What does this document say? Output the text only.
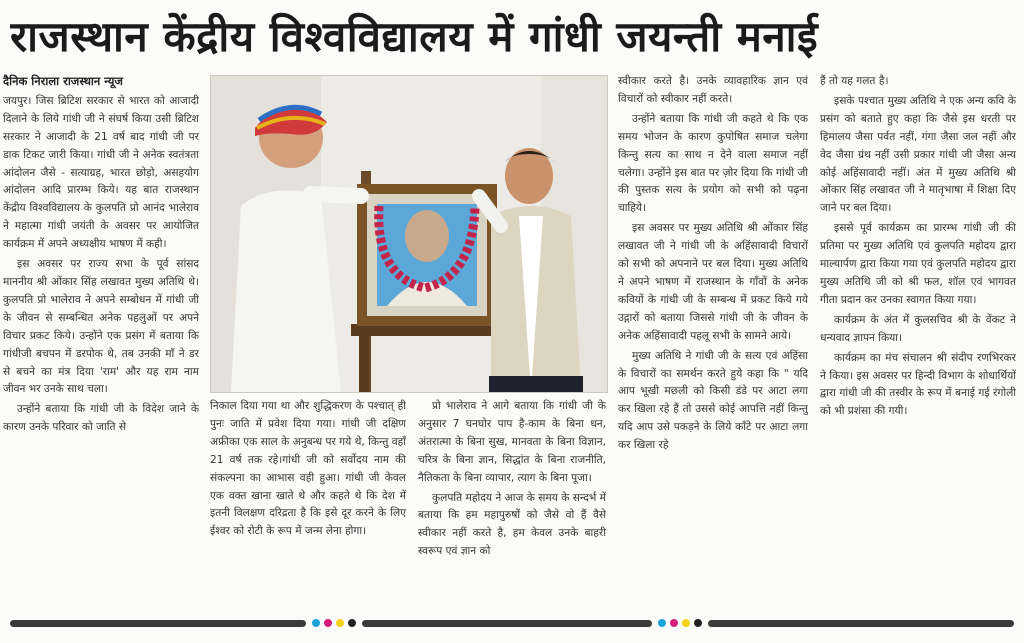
राजस्थान केंद्रीय विश्वविद्यालय में गांधी जयन्ती मनाई

दैनिक निराला राजस्थान न्यूज

जयपुर। जिस ब्रिटिश सरकार से भारत को आजादी दिलाने के लिये गांधी जी ने संघर्ष किया उसी ब्रिटिश सरकार ने आजादी के 21 वर्ष बाद गांधी जी पर डाक टिकट जारी किया। गांधी जी ने अनेक स्वतंत्रता आंदोलन जैसे - सत्याग्रह, भारत छोड़ो, असहयोग आंदोलन आदि प्रारम्भ किये। यह बात राजस्थान केंद्रीय विश्वविद्यालय के कुलपति प्रो आनंद भालेराव ने महात्मा गांधी जयंती के अवसर पर आयोजित कार्यक्रम में अपने अध्यक्षीय भाषण में कही।

इस अवसर पर राज्य सभा के पूर्व सांसद माननीय श्री ओंकार सिंह लखावत मुख्य अतिथि थे। कुलपति प्रो भालेराव ने अपने सम्बोधन में गांधी जी के जीवन से सम्बन्धित अनेक पहलुओं पर अपने विचार प्रकट किये। उन्होंने एक प्रसंग में बताया कि गांधीजी बचपन में डरपोक थे, तब उनकी माँ ने डर से बचने का मंत्र दिया 'राम' और यह राम नाम जीवन भर उनके साथ चला।

उन्होंने बताया कि गांधी जी के विदेश जाने के कारण उनके परिवार को जाति से

निकाल दिया गया था और शुद्धिकरण के पश्चात् ही पुनः जाति में प्रवेश दिया गया। गांधी जी दक्षिण अफ्रीका एक साल के अनुबन्ध पर गये थे, किन्तु वहाँ 21 वर्ष तक रहे।गांधी जी को सर्वोदय नाम की संकल्पना का आभास वही हुआ। गांधी जी केवल एक वक्त खाना खाते थे और कहते थे कि देश में इतनी विलक्षण दरिद्रता है कि इसे दूर करने के लिए ईश्वर को रोटी के रूप में जन्म लेना होगा।

प्रो भालेराव ने आगे बताया कि गांधी जी के अनुसार 7 घनघोर पाप है-काम के बिना धन, अंतरात्मा के बिना सुख, मानवता के बिना विज्ञान, चरित्र के बिना ज्ञान, सिद्धांत के बिना राजनीति, नैतिकता के बिना व्यापार, त्याग के बिना पूजा।

कुलपति महोदय ने आज के समय के सन्दर्भ में बताया कि हम महापुरुषों को जैसे वो हैं वैसे स्वीकार नहीं करते है, हम केवल उनके बाहरी स्वरूप एवं ज्ञान को

स्वीकार करते है। उनके व्यावहारिक ज्ञान एवं विचारों को स्वीकार नहीं करते।

उन्होंने बताया कि गांधी जी कहते थे कि एक समय भोजन के कारण कुपोषित समाज चलेगा किन्तु सत्य का साथ न देने वाला समाज नहीं चलेगा। उन्होंने इस बात पर ज़ोर दिया कि गांधी जी की पुस्तक सत्य के प्रयोग को सभी को पढ़ना चाहिये।

इस अवसर पर मुख्य अतिथि श्री ओंकार सिंह लखावत जी ने गांधी जी के अहिंसावादी विचारों को सभी को अपनाने पर बल दिया। मुख्य अतिथि ने अपने भाषण में राजस्थान के गाँवों के अनेक कवियों के गांधी जी के सम्बन्ध में प्रकट किये गये उद्गारों को बताया जिससे गांधी जी के जीवन के अनेक अहिंसावादी पहलू सभी के सामने आये।

मुख्य अतिथि ने गांधी जी के सत्य एवं अहिंसा के विचारों का समर्थन करते हुये कहा कि " यदि आप भूखी मछली को किसी डंडे पर आटा लगा कर खिला रहे हैं तो उससे कोई आपत्ति नहीं किन्तु यदि आप उसे पकड़ने के लिये काँटे पर आटा लगा कर खिला रहे

हैं तो यह गलत है।

इसके पश्चात मुख्य अतिथि ने एक अन्य कवि के प्रसंग को बताते हुए कहा कि जैसे इस धरती पर हिमालय जैसा पर्वत नहीं, गंगा जैसा जल नहीं और वेद जैसा ग्रंथ नहीं उसी प्रकार गांधी जी जैसा अन्य कोई अहिंसावादी नहीं। अंत में मुख्य अतिथि श्री ओंकार सिंह लखावत जी ने मातृभाषा में शिक्षा दिए जाने पर बल दिया।

इससे पूर्व कार्यक्रम का प्रारम्भ गांधी जी की प्रतिमा पर मुख्य अतिथि एवं कुलपति महोदय द्वारा माल्यार्पण द्वारा किया गया एवं कुलपति महोदय द्वारा मुख्य अतिथि जी को श्री फल, शॉल एवं भागवत गीता प्रदान कर उनका स्वागत किया गया।

कार्यक्रम के अंत में कुलसचिव श्री के वेंकट ने धन्यवाद ज्ञापन किया।

कार्यक्रम का मंच संचालन श्री संदीप रणभिरकर ने किया। इस अवसर पर हिन्दी विभाग के शोधार्थियों द्वारा गांधी जी की तस्वीर के रूप में बनाई गई रंगोली को भी प्रशंसा की गयी।
